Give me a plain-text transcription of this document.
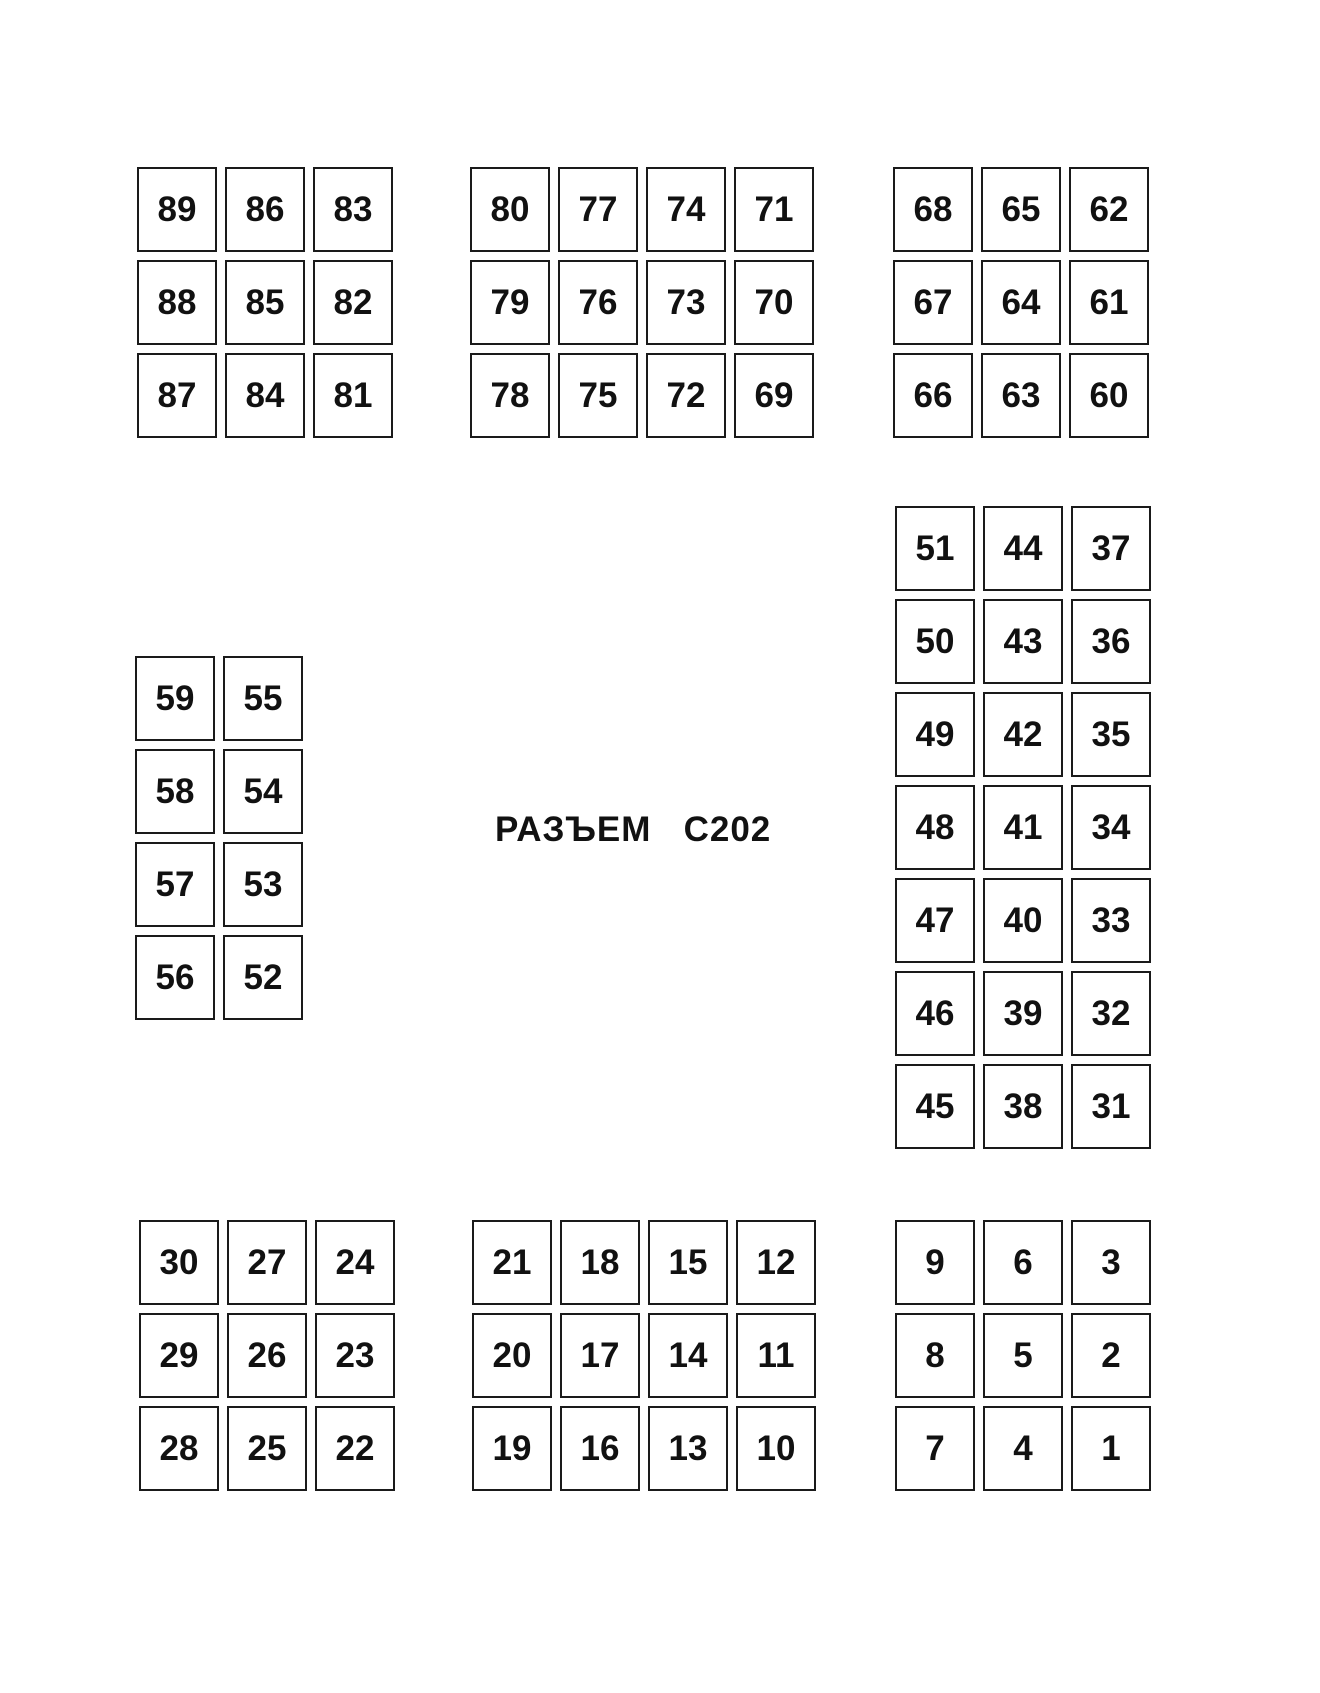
89	86	83
88	85	82
87	84	81
80	77	74	71
79	76	73	70
78	75	72	69
68	65	62
67	64	61
66	63	60
59	55
58	54
57	53
56	52
51	44	37
50	43	36
49	42	35
48	41	34
47	40	33
46	39	32
45	38	31
30	27	24
29	26	23
28	25	22
21	18	15	12
20	17	14	11
19	16	13	10
9	6	3
8	5	2
7	4	1
РАЗЪЕМ   С202
